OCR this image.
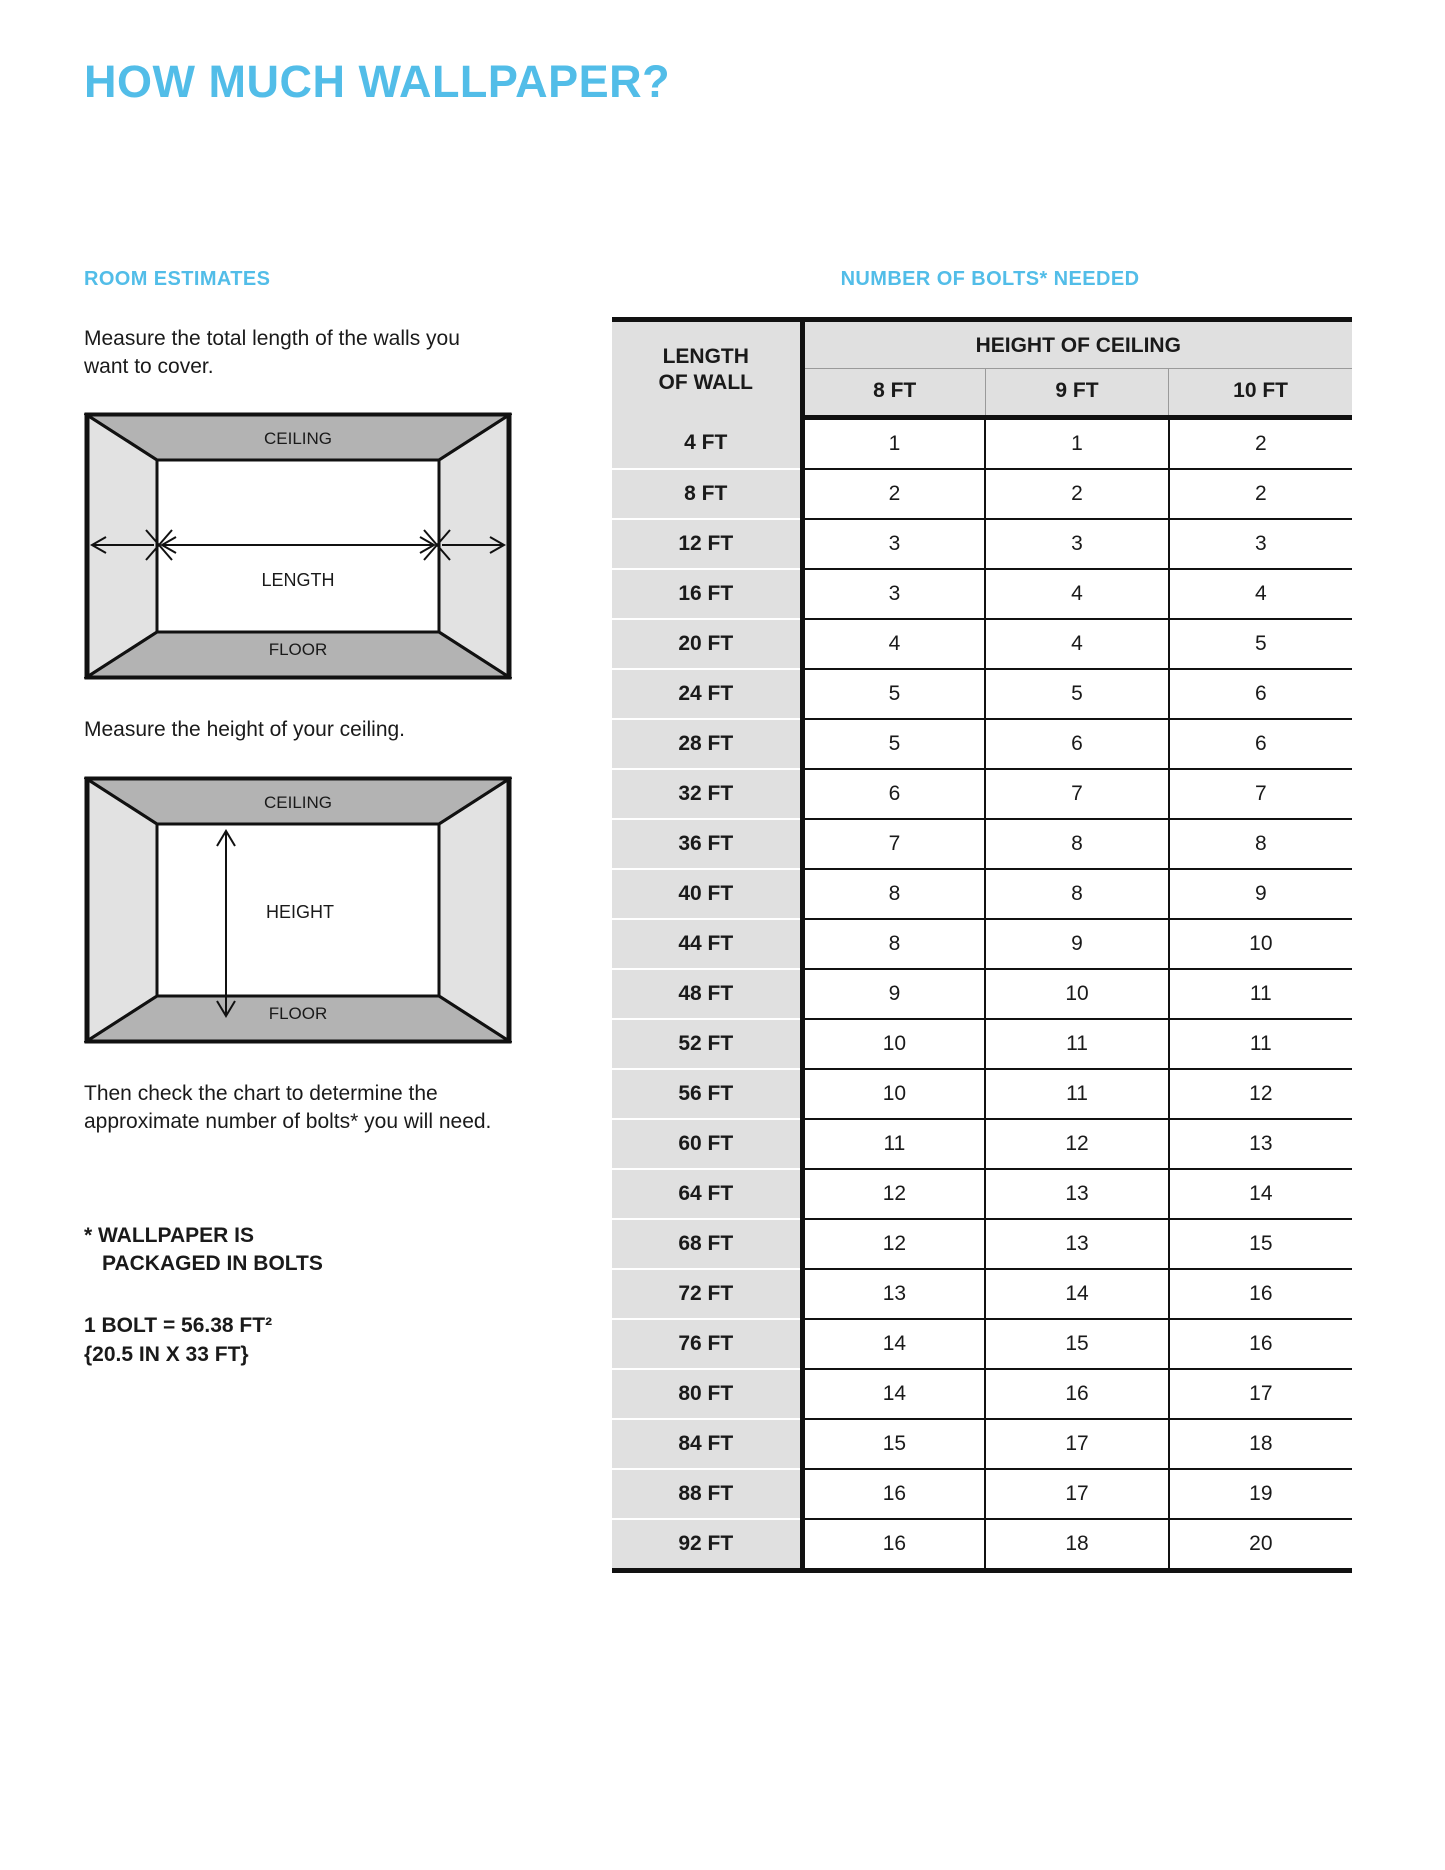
HOW MUCH WALLPAPER?
ROOM ESTIMATES

Measure the total length of the walls you want to cover.

CEILING
FLOOR
LENGTH

Measure the height of your ceiling.

CEILING
FLOOR
HEIGHT

Then check the chart to determine the approximate number of bolts* you will need.

* WALLPAPER IS
PACKAGED IN BOLTS
1 BOLT = 56.38 FT²
{20.5 IN X 33 FT}
NUMBER OF BOLTS* NEEDED
LENGTH
OF WALL	HEIGHT OF CEILING		
	8 FT	9 FT	10 FT
4 FT	1	1	2
8 FT	2	2	2
12 FT	3	3	3
16 FT	3	4	4
20 FT	4	4	5
24 FT	5	5	6
28 FT	5	6	6
32 FT	6	7	7
36 FT	7	8	8
40 FT	8	8	9
44 FT	8	9	10
48 FT	9	10	11
52 FT	10	11	11
56 FT	10	11	12
60 FT	11	12	13
64 FT	12	13	14
68 FT	12	13	15
72 FT	13	14	16
76 FT	14	15	16
80 FT	14	16	17
84 FT	15	17	18
88 FT	16	17	19
92 FT	16	18	20
